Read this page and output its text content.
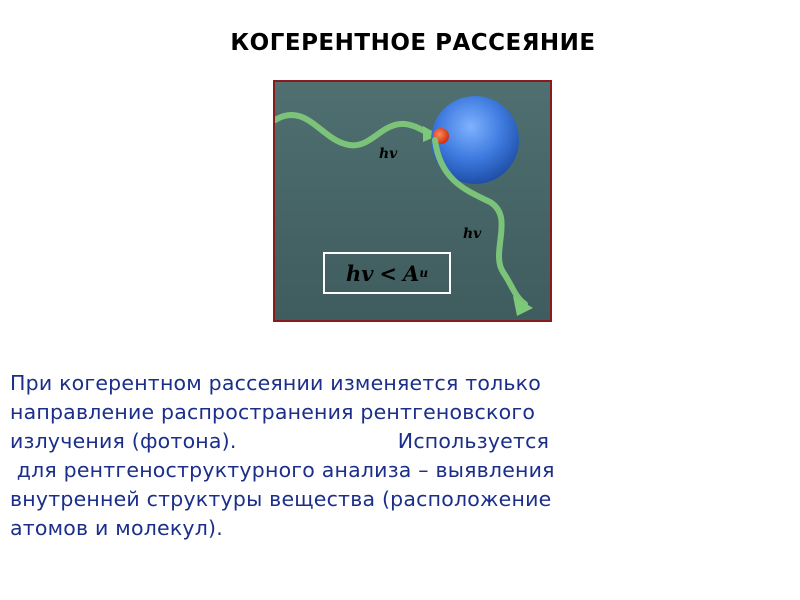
КОГЕРЕНТНОЕ РАССЕЯНИЕ
hv
hv
hv < A u

При когерентном рассеянии изменяется только
направление распространения рентгеновского
излучения (фотона).                        Используется
для рентгеноструктурного анализа – выявления
внутренней структуры вещества (расположение
атомов и молекул).
